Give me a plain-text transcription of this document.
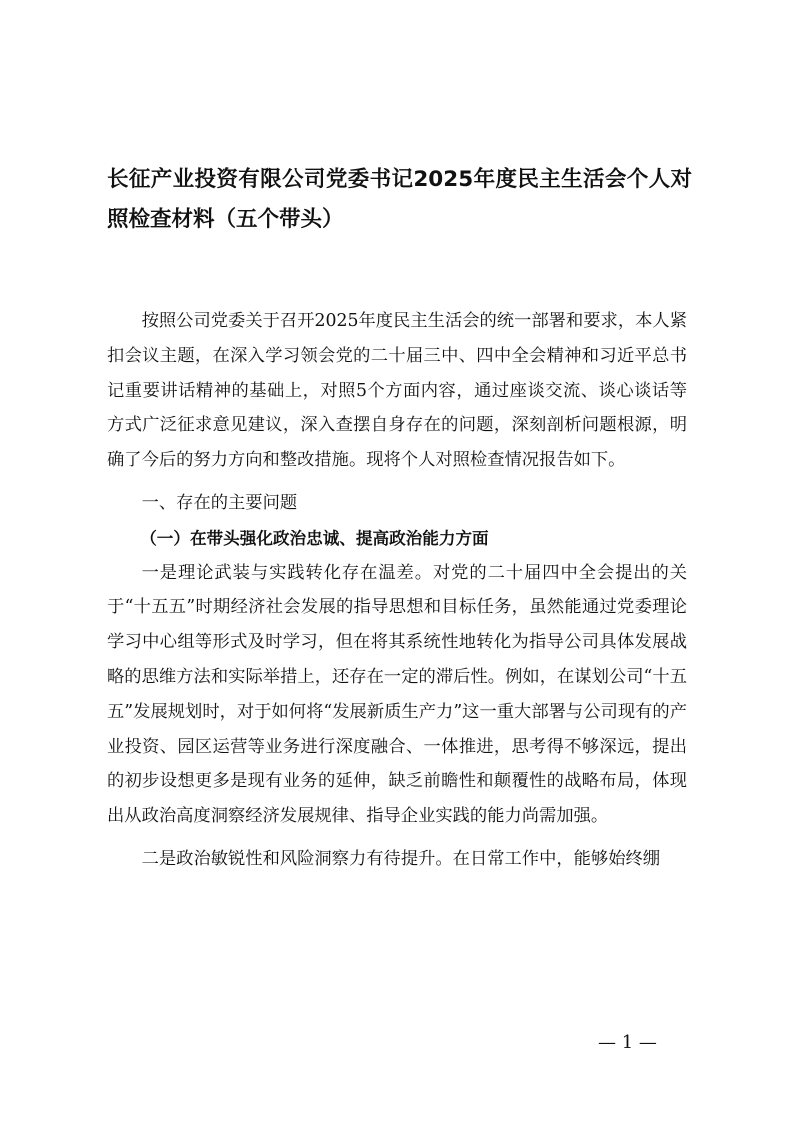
长征产业投资有限公司党委书记2025年度民主生活会个人对照检查材料（五个带头）

按照公司党委关于召开2025年度民主生活会的统一部署和要求，本人紧扣会议主题，在深入学习领会党的二十届三中、四中全会精神和习近平总书记重要讲话精神的基础上，对照5个方面内容，通过座谈交流、谈心谈话等方式广泛征求意见建议，深入查摆自身存在的问题，深刻剖析问题根源，明确了今后的努力方向和整改措施。现将个人对照检查情况报告如下。

一、存在的主要问题

（一）在带头强化政治忠诚、提高政治能力方面

一是理论武装与实践转化存在温差。对党的二十届四中全会提出的关于“十五五”时期经济社会发展的指导思想和目标任务，虽然能通过党委理论学习中心组等形式及时学习，但在将其系统性地转化为指导公司具体发展战略的思维方法和实际举措上，还存在一定的滞后性。例如，在谋划公司“十五五”发展规划时，对于如何将“发展新质生产力”这一重大部署与公司现有的产业投资、园区运营等业务进行深度融合、一体推进，思考得不够深远，提出的初步设想更多是现有业务的延伸，缺乏前瞻性和颠覆性的战略布局，体现出从政治高度洞察经济发展规律、指导企业实践的能力尚需加强。

二是政治敏锐性和风险洞察力有待提升。在日常工作中，能够始终绷

— 1 —
